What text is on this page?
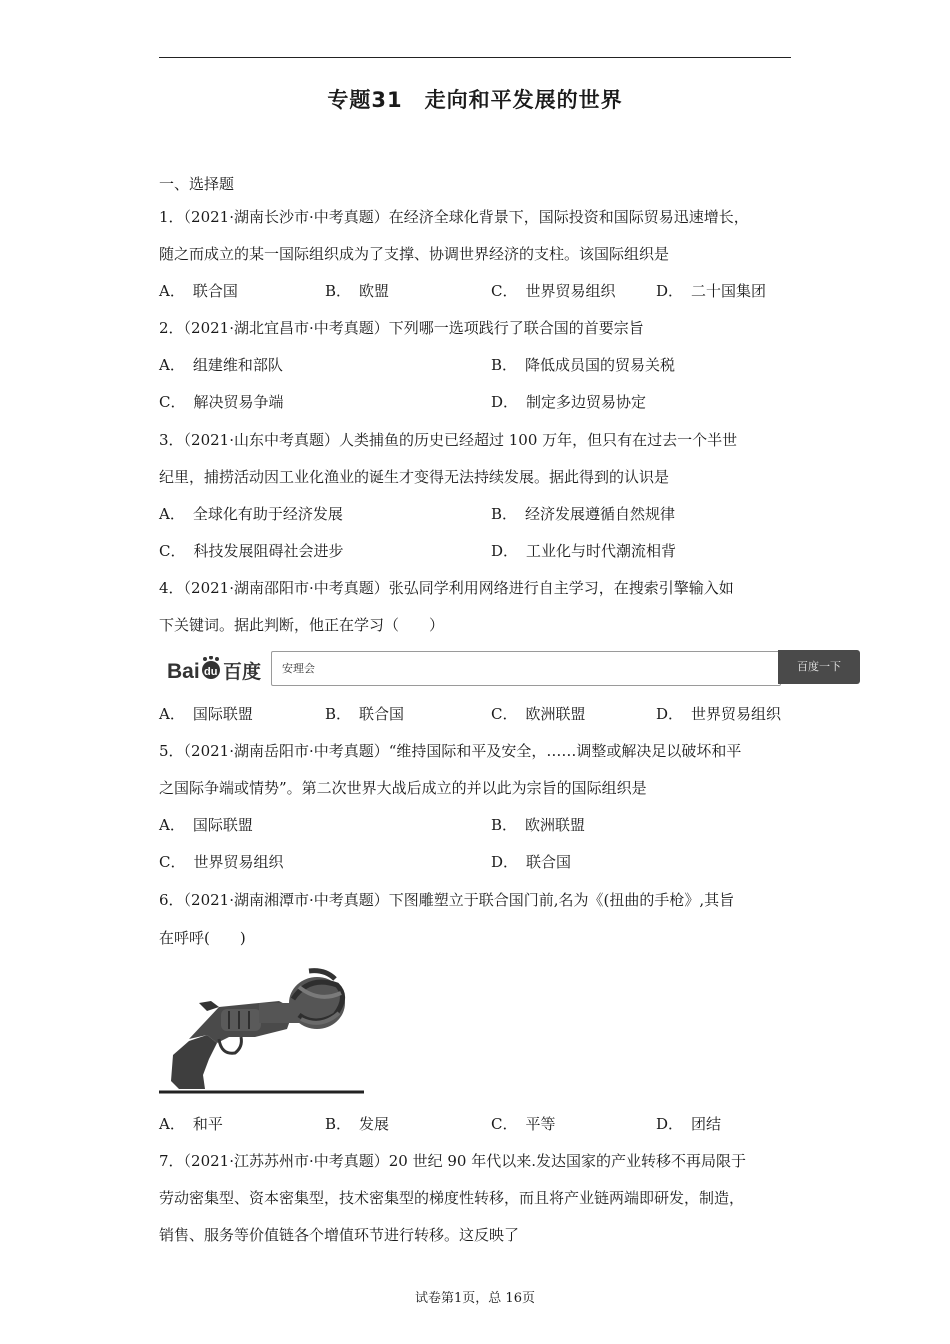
专题31 走向和平发展的世界
一、选择题
1．（2021·湖南长沙市·中考真题）在经济全球化背景下，国际投资和国际贸易迅速增长，
随之而成立的某一国际组织成为了支撑、协调世界经济的支柱。该国际组织是
A． 联合国	B． 欧盟	C． 世界贸易组织	D． 二十国集团
2．（2021·湖北宜昌市·中考真题）下列哪一选项践行了联合国的首要宗旨
A． 组建维和部队	B． 降低成员国的贸易关税
C． 解决贸易争端	D． 制定多边贸易协定
3．（2021·山东中考真题）人类捕鱼的历史已经超过 100 万年，但只有在过去一个半世
纪里，捕捞活动因工业化渔业的诞生才变得无法持续发展。据此得到的认识是
A． 全球化有助于经济发展	B． 经济发展遵循自然规律
C． 科技发展阻碍社会进步	D． 工业化与时代潮流相背
4．（2021·湖南邵阳市·中考真题）张弘同学利用网络进行自主学习，在搜索引擎输入如
下关键词。据此判断，他正在学习（　　）
Bai du 百度 安理会	百度一下
A． 国际联盟	B． 联合国	C． 欧洲联盟	D． 世界贸易组织
5．（2021·湖南岳阳市·中考真题）“维持国际和平及安全，……调整或解决足以破坏和平
之国际争端或情势”。第二次世界大战后成立的并以此为宗旨的国际组织是
A． 国际联盟	B． 欧洲联盟
C． 世界贸易组织	D． 联合国
6．（2021·湖南湘潭市·中考真题）下图雕塑立于联合国门前,名为《(扭曲的手枪》,其旨
在呼呼(　　)
A． 和平	B． 发展	C． 平等	D． 团结
7．（2021·江苏苏州市·中考真题）20 世纪 90 年代以来.发达国家的产业转移不再局限于
劳动密集型、资本密集型，技术密集型的梯度性转移，而且将产业链两端即研发，制造，
销售、服务等价值链各个增值环节进行转移。这反映了
试卷第1页，总 16页
